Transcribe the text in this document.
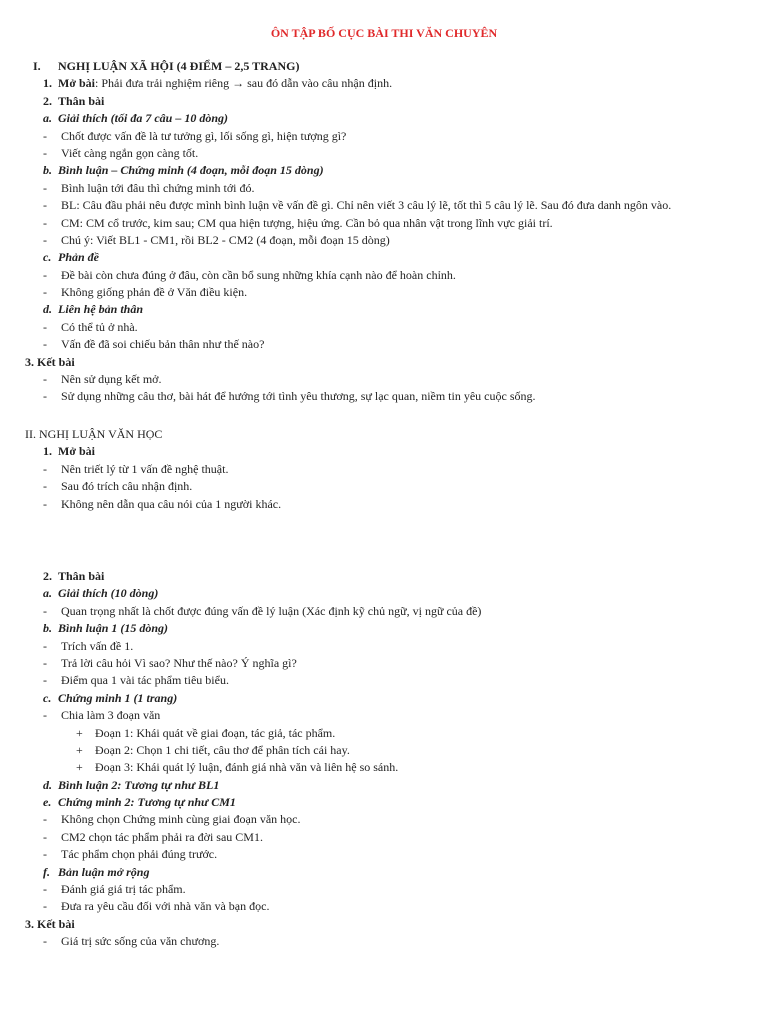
ÔN TẬP BỐ CỤC BÀI THI VĂN CHUYÊN
I. NGHỊ LUẬN XÃ HỘI (4 ĐIỂM – 2,5 TRANG)
1. Mở bài: Phải đưa trải nghiệm riêng → sau đó dẫn vào câu nhận định.
2. Thân bài
a. Giải thích (tối đa 7 câu – 10 dòng)
- Chốt được vấn đề là tư tưởng gì, lối sống gì, hiện tượng gì?
- Viết càng ngắn gọn càng tốt.
b. Bình luận – Chứng minh (4 đoạn, mỗi đoạn 15 dòng)
- Bình luận tới đâu thì chứng minh tới đó.
- BL: Câu đầu phải nêu được mình bình luận về vấn đề gì. Chỉ nên viết 3 câu lý lẽ, tốt thì 5 câu lý lẽ. Sau đó đưa danh ngôn vào.
- CM: CM cổ trước, kim sau; CM qua hiện tượng, hiệu ứng. Cần bỏ qua nhân vật trong lĩnh vực giải trí.
- Chú ý: Viết BL1 - CM1, rồi BL2 - CM2 (4 đoạn, mỗi đoạn 15 dòng)
c. Phản đề
- Đề bài còn chưa đúng ở đâu, còn cần bổ sung những khía cạnh nào để hoàn chỉnh.
- Không giống phản đề ở Văn điều kiện.
d. Liên hệ bản thân
- Có thể tủ ở nhà.
- Vấn đề đã soi chiếu bản thân như thế nào?
3. Kết bài
- Nên sử dụng kết mở.
- Sử dụng những câu thơ, bài hát để hướng tới tình yêu thương, sự lạc quan, niềm tin yêu cuộc sống.
II. NGHỊ LUẬN VĂN HỌC
1. Mở bài
- Nên triết lý từ 1 vấn đề nghệ thuật.
- Sau đó trích câu nhận định.
- Không nên dẫn qua câu nói của 1 người khác.
2. Thân bài
a. Giải thích (10 dòng)
- Quan trọng nhất là chốt được đúng vấn đề lý luận (Xác định kỹ chủ ngữ, vị ngữ của đề)
b. Bình luận 1 (15 dòng)
- Trích vấn đề 1.
- Trả lời câu hỏi Vì sao? Như thế nào? Ý nghĩa gì?
- Điểm qua 1 vài tác phẩm tiêu biểu.
c. Chứng minh 1 (1 trang)
- Chia làm 3 đoạn văn
+ Đoạn 1: Khái quát về giai đoạn, tác giả, tác phẩm.
+ Đoạn 2: Chọn 1 chi tiết, câu thơ để phân tích cái hay.
+ Đoạn 3: Khái quát lý luận, đánh giá nhà văn và liên hệ so sánh.
d. Bình luận 2: Tương tự như BL1
e. Chứng minh 2: Tương tự như CM1
- Không chọn Chứng minh cùng giai đoạn văn học.
- CM2 chọn tác phẩm phải ra đời sau CM1.
- Tác phẩm chọn phải đúng trước.
f. Bản luận mở rộng
- Đánh giá giá trị tác phẩm.
- Đưa ra yêu cầu đối với nhà văn và bạn đọc.
3. Kết bài
- Giá trị sức sống của văn chương.
